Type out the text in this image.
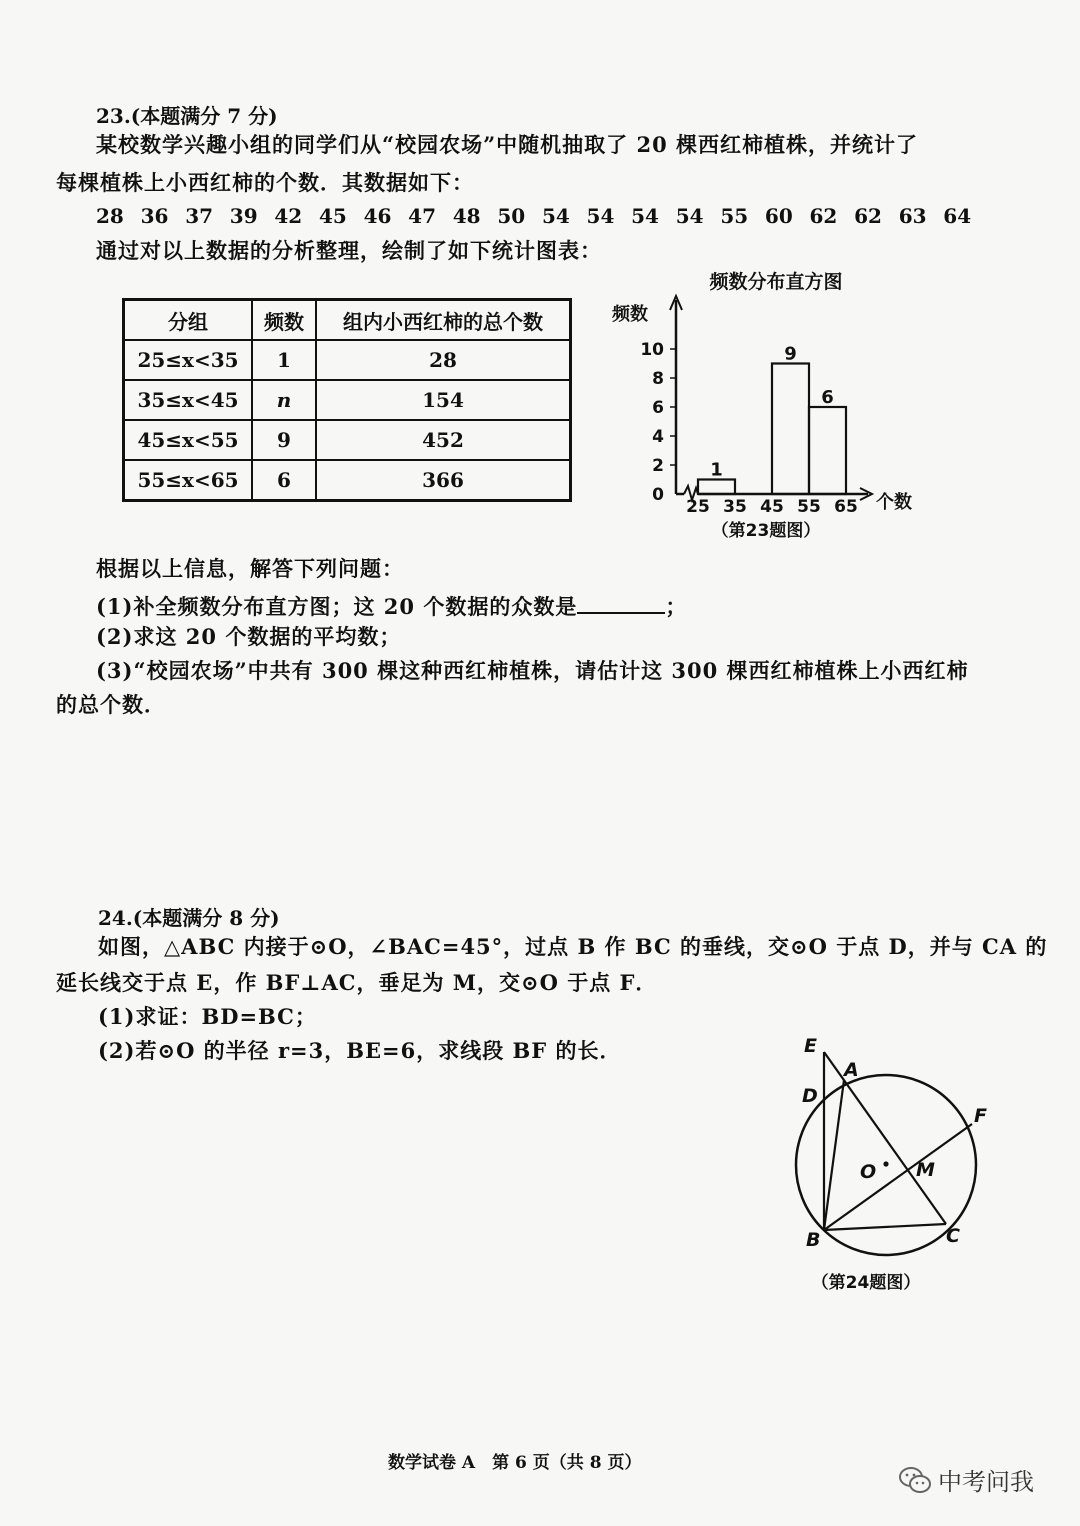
23.(本题满分 7 分)
某校数学兴趣小组的同学们从“校园农场”中随机抽取了 20 棵西红柿植株，并统计了
每棵植株上小西红柿的个数．其数据如下：
28 36 37 39 42 45 46 47 48 50 54 54 54 54 55 60 62 62 63 64
通过对以上数据的分析整理，绘制了如下统计图表：
分组	频数	组内小西红柿的总个数
25≤x<35	1	28
35≤x<45	n	154
45≤x<55	9	452
55≤x<65	6	366
频数分布直方图
频数
个数
（第23题图）
25 35 45 55 65
0
2
4
6
8
10
1
9
6
根据以上信息，解答下列问题：
(1)补全频数分布直方图；这 20 个数据的众数是	；
(2)求这 20 个数据的平均数；
(3)“校园农场”中共有 300 棵这种西红柿植株，请估计这 300 棵西红柿植株上小西红柿
的总个数．
24.(本题满分 8 分)
如图，△ABC 内接于⊙O，∠BAC=45°，过点 B 作 BC 的垂线，交⊙O 于点 D，并与 CA 的
延长线交于点 E，作 BF⊥AC，垂足为 M，交⊙O 于点 F．
(1)求证：BD=BC；
(2)若⊙O 的半径 r=3，BE=6，求线段 BF 的长．	E
A
D
F
O M
B	C
（第24题图）
数学试卷 A　第 6 页（共 8 页）
中考问我
